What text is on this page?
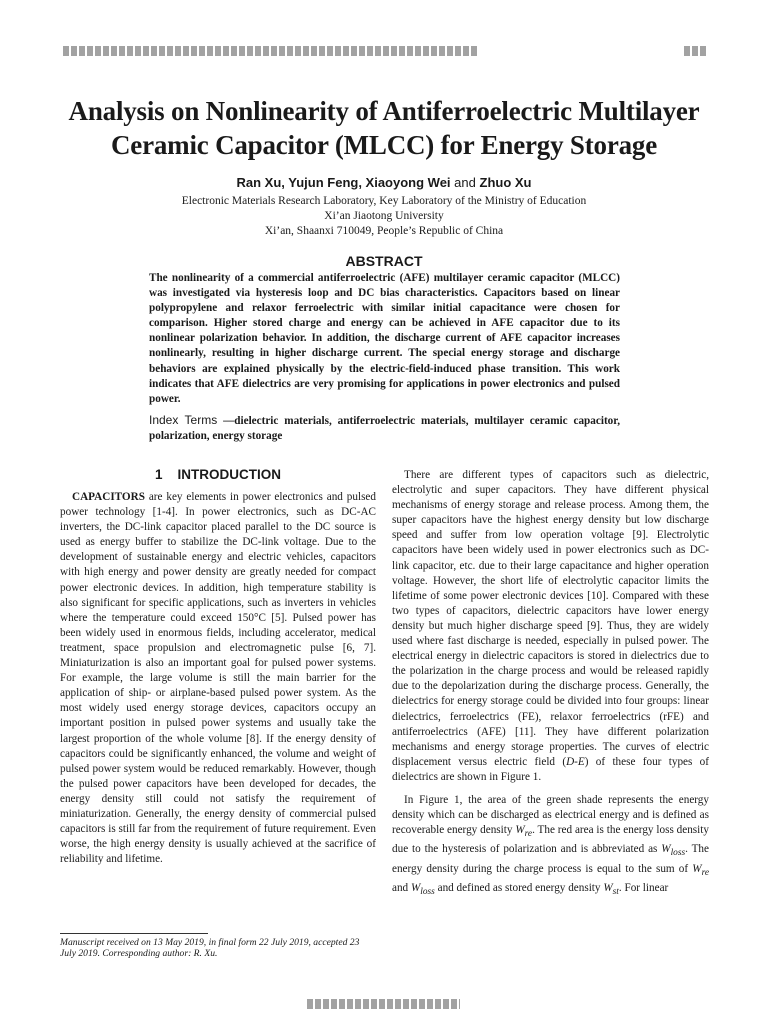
Analysis on Nonlinearity of Antiferroelectric Multilayer
Ceramic Capacitor (MLCC) for Energy Storage
Ran Xu, Yujun Feng, Xiaoyong Wei and Zhuo Xu
Electronic Materials Research Laboratory, Key Laboratory of the Ministry of Education
Xi’an Jiaotong University
Xi’an, Shaanxi 710049, People’s Republic of China
ABSTRACT
The nonlinearity of a commercial antiferroelectric (AFE) multilayer ceramic capacitor (MLCC) was investigated via hysteresis loop and DC bias characteristics. Capacitors based on linear polypropylene and relaxor ferroelectric with similar initial capacitance were chosen for comparison. Higher stored charge and energy can be achieved in AFE capacitor due to its nonlinear polarization behavior. In addition, the discharge current of AFE capacitor increases nonlinearly, resulting in higher discharge current. The special energy storage and discharge behaviors are explained physically by the electric-field-induced phase transition. This work indicates that AFE dielectrics are very promising for applications in power electronics and pulsed power.
Index Terms —dielectric materials, antiferroelectric materials, multilayer ceramic capacitor, polarization, energy storage
1 INTRODUCTION

CAPACITORS are key elements in power electronics and pulsed power technology [1-4]. In power electronics, such as DC-AC inverters, the DC-link capacitor placed parallel to the DC source is used as energy buffer to stabilize the DC-link voltage. Due to the development of sustainable energy and electric vehicles, capacitors with high energy and power density are greatly needed for compact power electronic devices. In addition, high temperature stability is also significant for specific applications, such as inverters in vehicles where the temperature could exceed 150°C [5]. Pulsed power has been widely used in enormous fields, including accelerator, medical treatment, space propulsion and electromagnetic pulse [6, 7]. Miniaturization is also an important goal for pulsed power systems. For example, the large volume is still the main barrier for the application of ship- or airplane-based pulsed power system. As the most widely used energy storage devices, capacitors occupy an important position in pulsed power systems and usually take the largest proportion of the whole volume [8]. If the energy density of capacitors could be significantly enhanced, the volume and weight of pulsed power system would be reduced remarkably. However, though the pulsed power capacitors have been developed for decades, the energy density still could not satisfy the requirement of miniaturization. Generally, the energy density of commercial pulsed capacitors is still far from the requirement of future requirement. Even worse, the high energy density is usually achieved at the sacrifice of reliability and lifetime.

Manuscript received on 13 May 2019, in final form 22 July 2019, accepted 23 July 2019. Corresponding author: R. Xu.

There are different types of capacitors such as dielectric, electrolytic and super capacitors. They have different physical mechanisms of energy storage and release process. Among them, the super capacitors have the highest energy density but low discharge speed and suffer from low operation voltage [9]. Electrolytic capacitors have been widely used in power electronics such as DC-link capacitor, etc. due to their large capacitance and higher operation voltage. However, the short life of electrolytic capacitor limits the lifetime of some power electronic devices [10]. Compared with these two types of capacitors, dielectric capacitors have lower energy density but much higher discharge speed [9]. Thus, they are widely used where fast discharge is needed, especially in pulsed power. The electrical energy in dielectric capacitors is stored in dielectrics due to the polarization in the charge process and would be released rapidly due to the depolarization during the discharge process. Generally, the dielectrics for energy storage could be divided into four groups: linear dielectrics, ferroelectrics (FE), relaxor ferroelectrics (rFE) and antiferroelectrics (AFE) [11]. They have different polarization mechanisms and energy storage properties. The curves of electric displacement versus electric field (D-E) of these four types of dielectrics are shown in Figure 1.

In Figure 1, the area of the green shade represents the energy density which can be discharged as electrical energy and is defined as recoverable energy density $W_{re}$. The red area is the energy loss density due to the hysteresis of polarization and is abbreviated as $W_{loss}$. The energy density during the charge process is equal to the sum of $W_{re}$ and $W_{loss}$ and defined as stored energy density $W_{st}$. For linear
